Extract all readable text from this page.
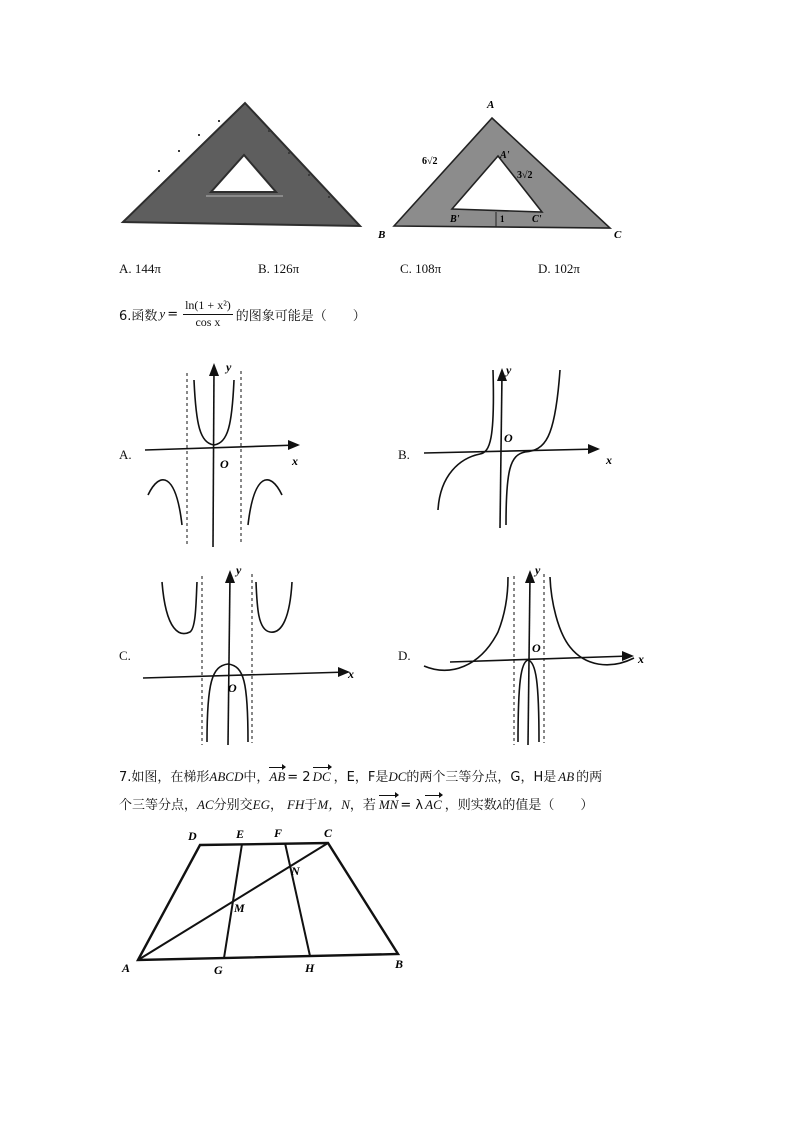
A
B	C
A'
B'	C'
6√2
3√2
1
A. 144π	B. 126π	C. 108π	D. 102π
6.函数 $y = \frac{\text{ln(1 + x²)}}{\text{cos x}}$ 的图象可能是（　　）
A.
O	x
y
B.
O
x
y
C.
O
x
y
D.	O
x
y
7.如图，在梯形ABCD中，AB = 2 DC ，E，F是DC的两个三等分点，G，H是 AB 的两
个三等分点，AC分别交EG， FH于M，N，若 MN = λ AC ，则实数λ的值是（　　）
A	B
C
D	E F
G	H
M
N
